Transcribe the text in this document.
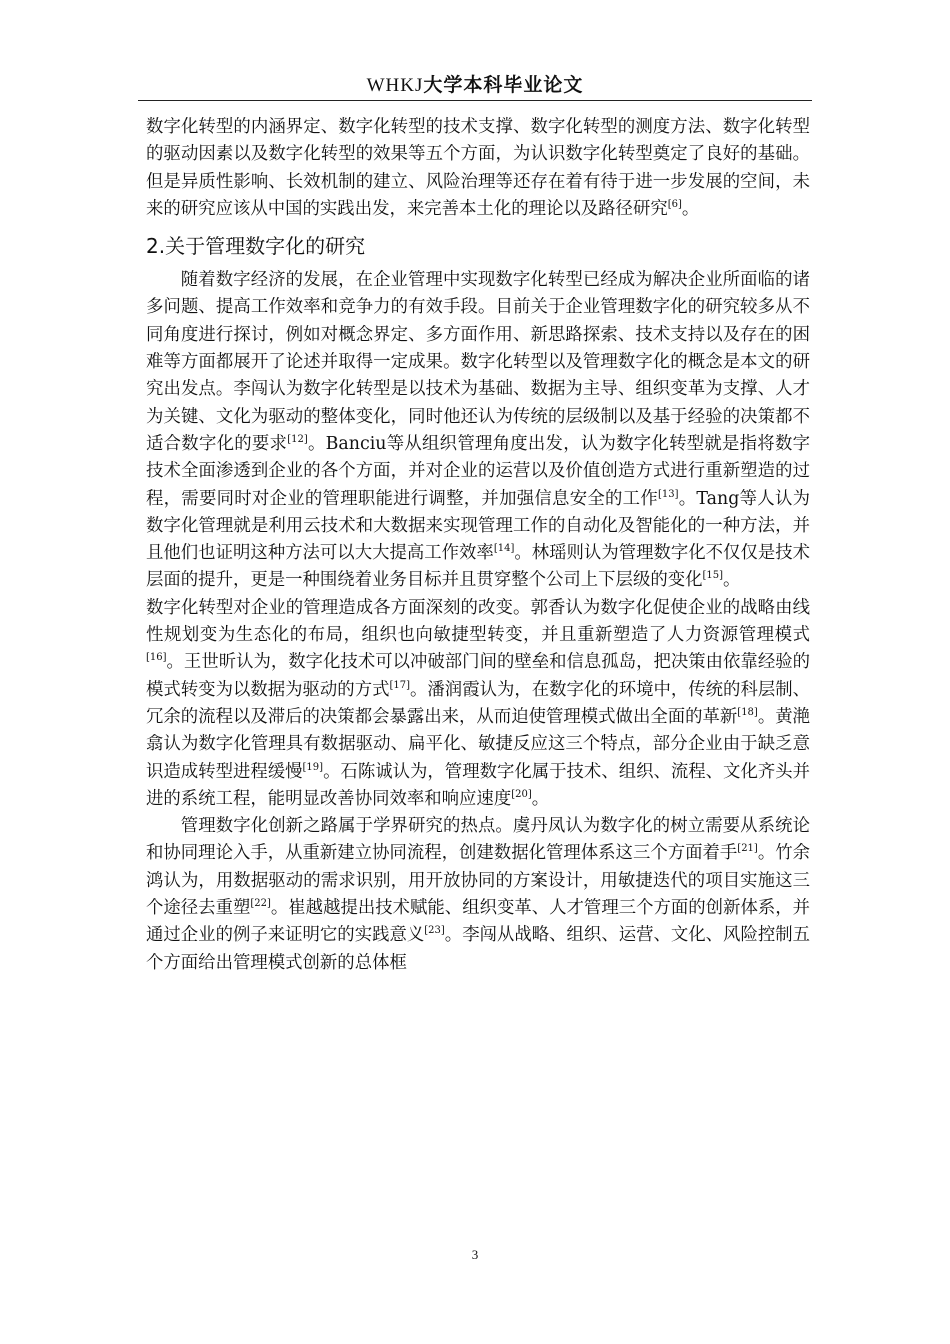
WHKJ大学本科毕业论文

数字化转型的内涵界定、数字化转型的技术支撑、数字化转型的测度方法、数字化转型的驱动因素以及数字化转型的效果等五个方面，为认识数字化转型奠定了良好的基础。但是异质性影响、长效机制的建立、风险治理等还存在着有待于进一步发展的空间，未来的研究应该从中国的实践出发，来完善本土化的理论以及路径研究[6]。

2.关于管理数字化的研究

随着数字经济的发展，在企业管理中实现数字化转型已经成为解决企业所面临的诸多问题、提高工作效率和竞争力的有效手段。目前关于企业管理数字化的研究较多从不同角度进行探讨，例如对概念界定、多方面作用、新思路探索、技术支持以及存在的困难等方面都展开了论述并取得一定成果。数字化转型以及管理数字化的概念是本文的研究出发点。李闯认为数字化转型是以技术为基础、数据为主导、组织变革为支撑、人才为关键、文化为驱动的整体变化，同时他还认为传统的层级制以及基于经验的决策都不适合数字化的要求[12]。Banciu等从组织管理角度出发，认为数字化转型就是指将数字技术全面渗透到企业的各个方面，并对企业的运营以及价值创造方式进行重新塑造的过程，需要同时对企业的管理职能进行调整，并加强信息安全的工作[13]。Tang等人认为数字化管理就是利用云技术和大数据来实现管理工作的自动化及智能化的一种方法，并且他们也证明这种方法可以大大提高工作效率[14]。林瑶则认为管理数字化不仅仅是技术层面的提升，更是一种围绕着业务目标并且贯穿整个公司上下层级的变化[15]。

数字化转型对企业的管理造成各方面深刻的改变。郭香认为数字化促使企业的战略由线性规划变为生态化的布局，组织也向敏捷型转变，并且重新塑造了人力资源管理模式[16]。王世昕认为，数字化技术可以冲破部门间的壁垒和信息孤岛，把决策由依靠经验的模式转变为以数据为驱动的方式[17]。潘润霞认为，在数字化的环境中，传统的科层制、冗余的流程以及滞后的决策都会暴露出来，从而迫使管理模式做出全面的革新[18]。黄滟翕认为数字化管理具有数据驱动、扁平化、敏捷反应这三个特点，部分企业由于缺乏意识造成转型进程缓慢[19]。石陈诚认为，管理数字化属于技术、组织、流程、文化齐头并进的系统工程，能明显改善协同效率和响应速度[20]。

管理数字化创新之路属于学界研究的热点。虞丹凤认为数字化的树立需要从系统论和协同理论入手，从重新建立协同流程，创建数据化管理体系这三个方面着手[21]。竹余鸿认为，用数据驱动的需求识别，用开放协同的方案设计，用敏捷迭代的项目实施这三个途径去重塑[22]。崔越越提出技术赋能、组织变革、人才管理三个方面的创新体系，并通过企业的例子来证明它的实践意义[23]。李闯从战略、组织、运营、文化、风险控制五个方面给出管理模式创新的总体框

3
